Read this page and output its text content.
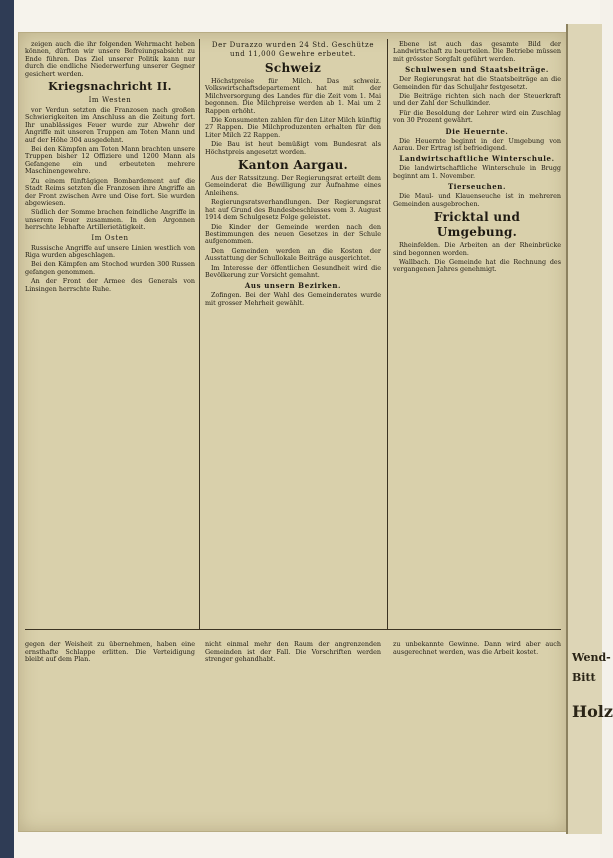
zeigen auch die ihr folgenden Wehrmacht heben können, dürften wir unsere Befreiungsabsicht zu Ende führen. Das Ziel unserer Politik kann nur durch die endliche Niederwerfung unserer Gegner gesichert werden.

Kriegsnachricht II.

Im Westen

vor Verdun setzten die Franzosen nach großen Schwierigkeiten im Anschluss an die Zeitung fort. Ihr unablässiges Feuer wurde zur Abwehr der Angriffe mit unseren Truppen am Toten Mann und auf der Höhe 304 ausgedehnt.

Bei den Kämpfen am Toten Mann brachten unsere Truppen bisher 12 Offiziere und 1200 Mann als Gefangene ein und erbeuteten mehrere Maschinengewehre.

Zu einem fünftägigen Bombardement auf die Stadt Reims setzten die Franzosen ihre Angriffe an der Front zwischen Avre und Oise fort. Sie wurden abgewiesen.

Südlich der Somme brachen feindliche Angriffe in unserem Feuer zusammen. In den Argonnen herrschte lebhafte Artillerietätigkeit.

Im Osten

Russische Angriffe auf unsere Linien westlich von Riga wurden abgeschlagen.

Bei den Kämpfen am Stochod wurden 300 Russen gefangen genommen.

An der Front der Armee des Generals von Linsingen herrschte Ruhe.

Der Durazzo wurden 24 Std. Geschütze und 11,000 Gewehre erbeutet.

Schweiz

Höchstpreise für Milch. Das schweiz. Volkswirtschaftsdepartement hat mit der Milchversorgung des Landes für die Zeit vom 1. Mai begonnen. Die Milchpreise werden ab 1. Mai um 2 Rappen erhöht.

Die Konsumenten zahlen für den Liter Milch künftig 27 Rappen. Die Milchproduzenten erhalten für den Liter Milch 22 Rappen.

Die Bau ist heut bemüßigt vom Bundesrat als Höchstpreis angesetzt worden.

Kanton Aargau.

Aus der Ratssitzung. Der Regierungsrat erteilt dem Gemeinderat die Bewilligung zur Aufnahme eines Anleihens.

Regierungsratsverhandlungen. Der Regierungsrat hat auf Grund des Bundesbeschlusses vom 3. August 1914 dem Schulgesetz Folge geleistet.

Die Kinder der Gemeinde werden nach den Bestimmungen des neuen Gesetzes in der Schule aufgenommen.

Den Gemeinden werden an die Kosten der Ausstattung der Schullokale Beiträge ausgerichtet.

Im Interesse der öffentlichen Gesundheit wird die Bevölkerung zur Vorsicht gemahnt.

Aus unsern Bezirken.

Zofingen. Bei der Wahl des Gemeinderates wurde mit grosser Mehrheit gewählt.

Ebene ist auch das gesamte Bild der Landwirtschaft zu beurteilen. Die Betriebe müssen mit grösster Sorgfalt geführt werden.

Schulwesen und Staatsbeiträge.

Der Regierungsrat hat die Staatsbeiträge an die Gemeinden für das Schuljahr festgesetzt.

Die Beiträge richten sich nach der Steuerkraft und der Zahl der Schulkinder.

Für die Besoldung der Lehrer wird ein Zuschlag von 30 Prozent gewährt.

Die Heuernte.

Die Heuernte beginnt in der Umgebung von Aarau. Der Ertrag ist befriedigend.

Landwirtschaftliche Winterschule.

Die landwirtschaftliche Winterschule in Brugg beginnt am 1. November.

Tierseuchen.

Die Maul- und Klauenseuche ist in mehreren Gemeinden ausgebrochen.

Fricktal und Umgebung.

Rheinfelden. Die Arbeiten an der Rheinbrücke sind begonnen worden.

Wallbach. Die Gemeinde hat die Rechnung des vergangenen Jahres genehmigt.

gegen der Weisheit zu übernehmen, haben eine ernsthafte Schlappe erlitten. Die Verteidigung bleibt auf dem Plan.

nicht einmal mehr den Raum der angrenzenden Gemeinden ist der Fall. Die Vorschriften werden strenger gehandhabt.

zu unbekannte Gewinne. Dann wird aber auch ausgerechnet werden, was die Arbeit kostet.	Wend-
Bitt
Holz
